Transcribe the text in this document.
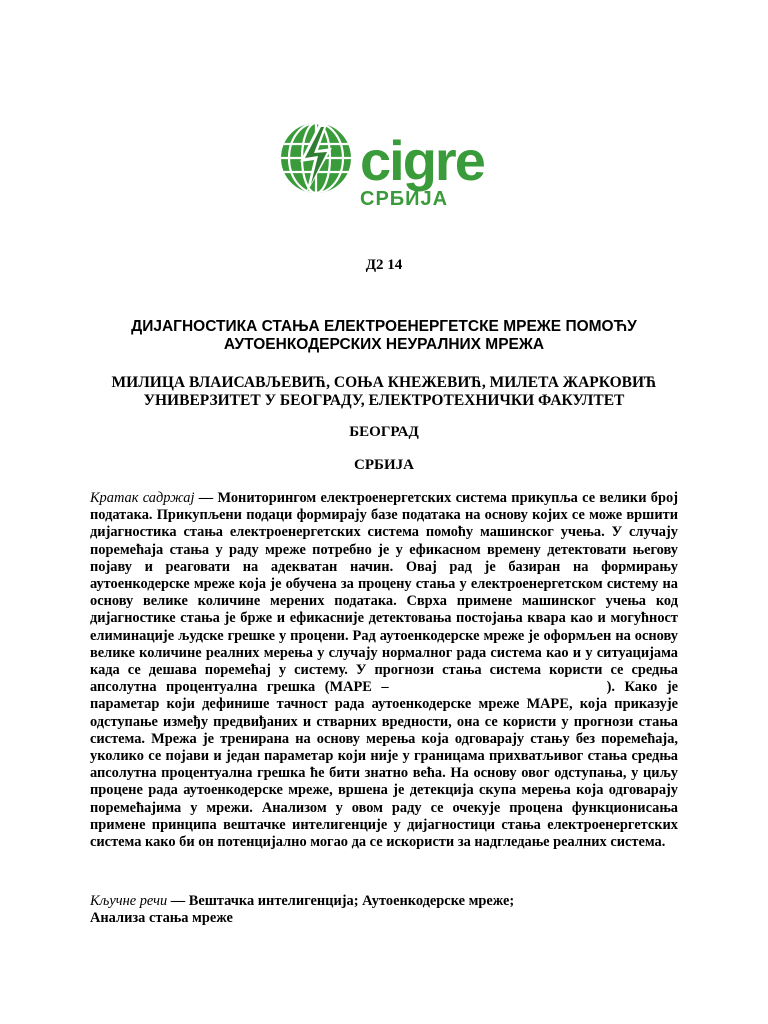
cigre
СРБИЈА
Д2 14
ДИЈАГНОСТИКА СТАЊА ЕЛЕКТРОЕНЕРГЕТСКЕ МРЕЖЕ ПОМОЋУ
АУТОЕНКОДЕРСКИХ НЕУРАЛНИХ МРЕЖА
МИЛИЦА ВЛАИСАВЉЕВИЋ, СОЊА КНЕЖЕВИЋ, МИЛЕТА ЖАРКОВИЋ
УНИВЕРЗИТЕТ У БЕОГРАДУ, ЕЛЕКТРОТЕХНИЧКИ ФАКУЛТЕТ
БЕОГРАД
СРБИЈА

Кратак садржај — Мониторингом електроенергетских система прикупља се велики број података. Прикупљени подаци формирају базе података на основу којих се може вршити дијагностика стања електроенергетских система помоћу машинског учења. У случају поремећаја стања у раду мреже потребно је у ефикасном времену детектовати његову појаву и реаговати на адекватан начин. Овај рад је базиран на формирању аутоенкодерске мреже која је обучена за процену стања у електроенергетском систему на основу велике количине мерених података. Сврха примене машинског учења код дијагностике стања је брже и ефикасније детектовања постојања квара као и могућност елиминације људске грешке у процени. Рад аутоенкодерске мреже је оформљен на основу велике количине реалних мерења у случају нормалног рада система као и у ситуацијама када се дешава поремећај у систему. У прогнози стања система користи се средња апсолутна процентуална грешка (МАРЕ –	). Како је параметар који дефинише тачност рада аутоенкодерске мреже МАРЕ, која приказује одступање између предвиђаних и стварних вредности, она се користи у прогнози стања система. Мрежа је тренирана на основу мерења која одговарају стању без поремећаја, уколико се појави и један параметар који није у границама прихватљивог стања средња апсолутна процентуална грешка ће бити знатно већа. На основу овог одступања, у циљу процене рада аутоенкодерске мреже, вршена је детекција скупа мерења која одговарају поремећајима у мрежи. Анализом у овом раду се очекује процена функционисања примене принципа вештачке интелигенције у дијагностици стања електроенергетских система како би он потенцијално могао да се искористи за надгледање реалних система.

Кључне речи — Вештачка интелигенција; Аутоенкодерске мреже;
Анализа стања мреже
